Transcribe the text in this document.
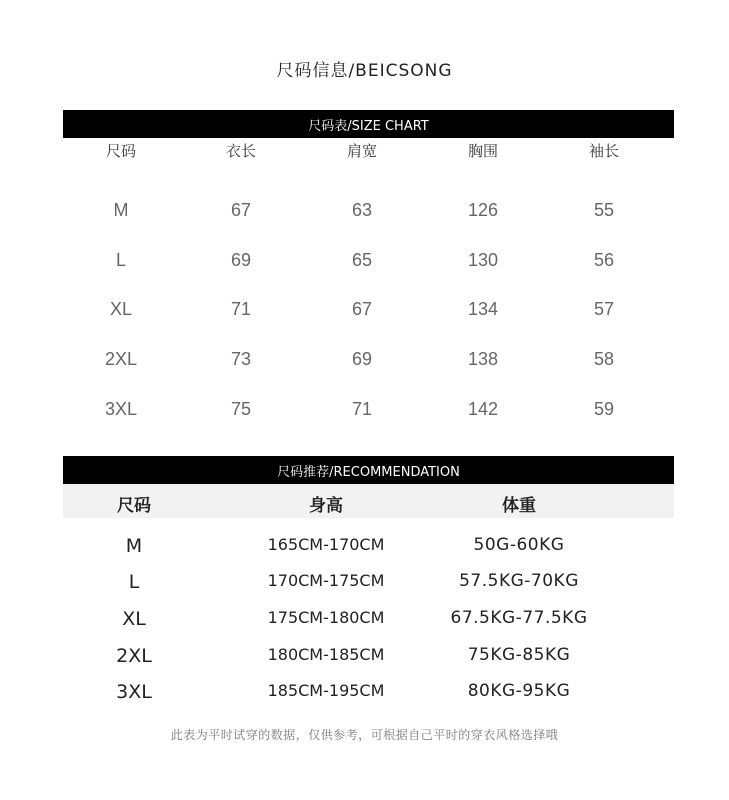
尺码信息/BEICSONG
尺码表/SIZE CHART
尺码	衣长	肩宽	胸围	袖长
M	67	63	126	55
L	69	65	130	56
XL	71	67	134	57
2XL	73	69	138	58
3XL	75	71	142	59
尺码推荐/RECOMMENDATION
尺码	身高	体重
M	165CM-170CM	50G-60KG
L	170CM-175CM	57.5KG-70KG
XL	175CM-180CM	67.5KG-77.5KG
2XL	180CM-185CM	75KG-85KG
3XL	185CM-195CM	80KG-95KG
此表为平时试穿的数据，仅供参考，可根据自己平时的穿衣风格选择哦
